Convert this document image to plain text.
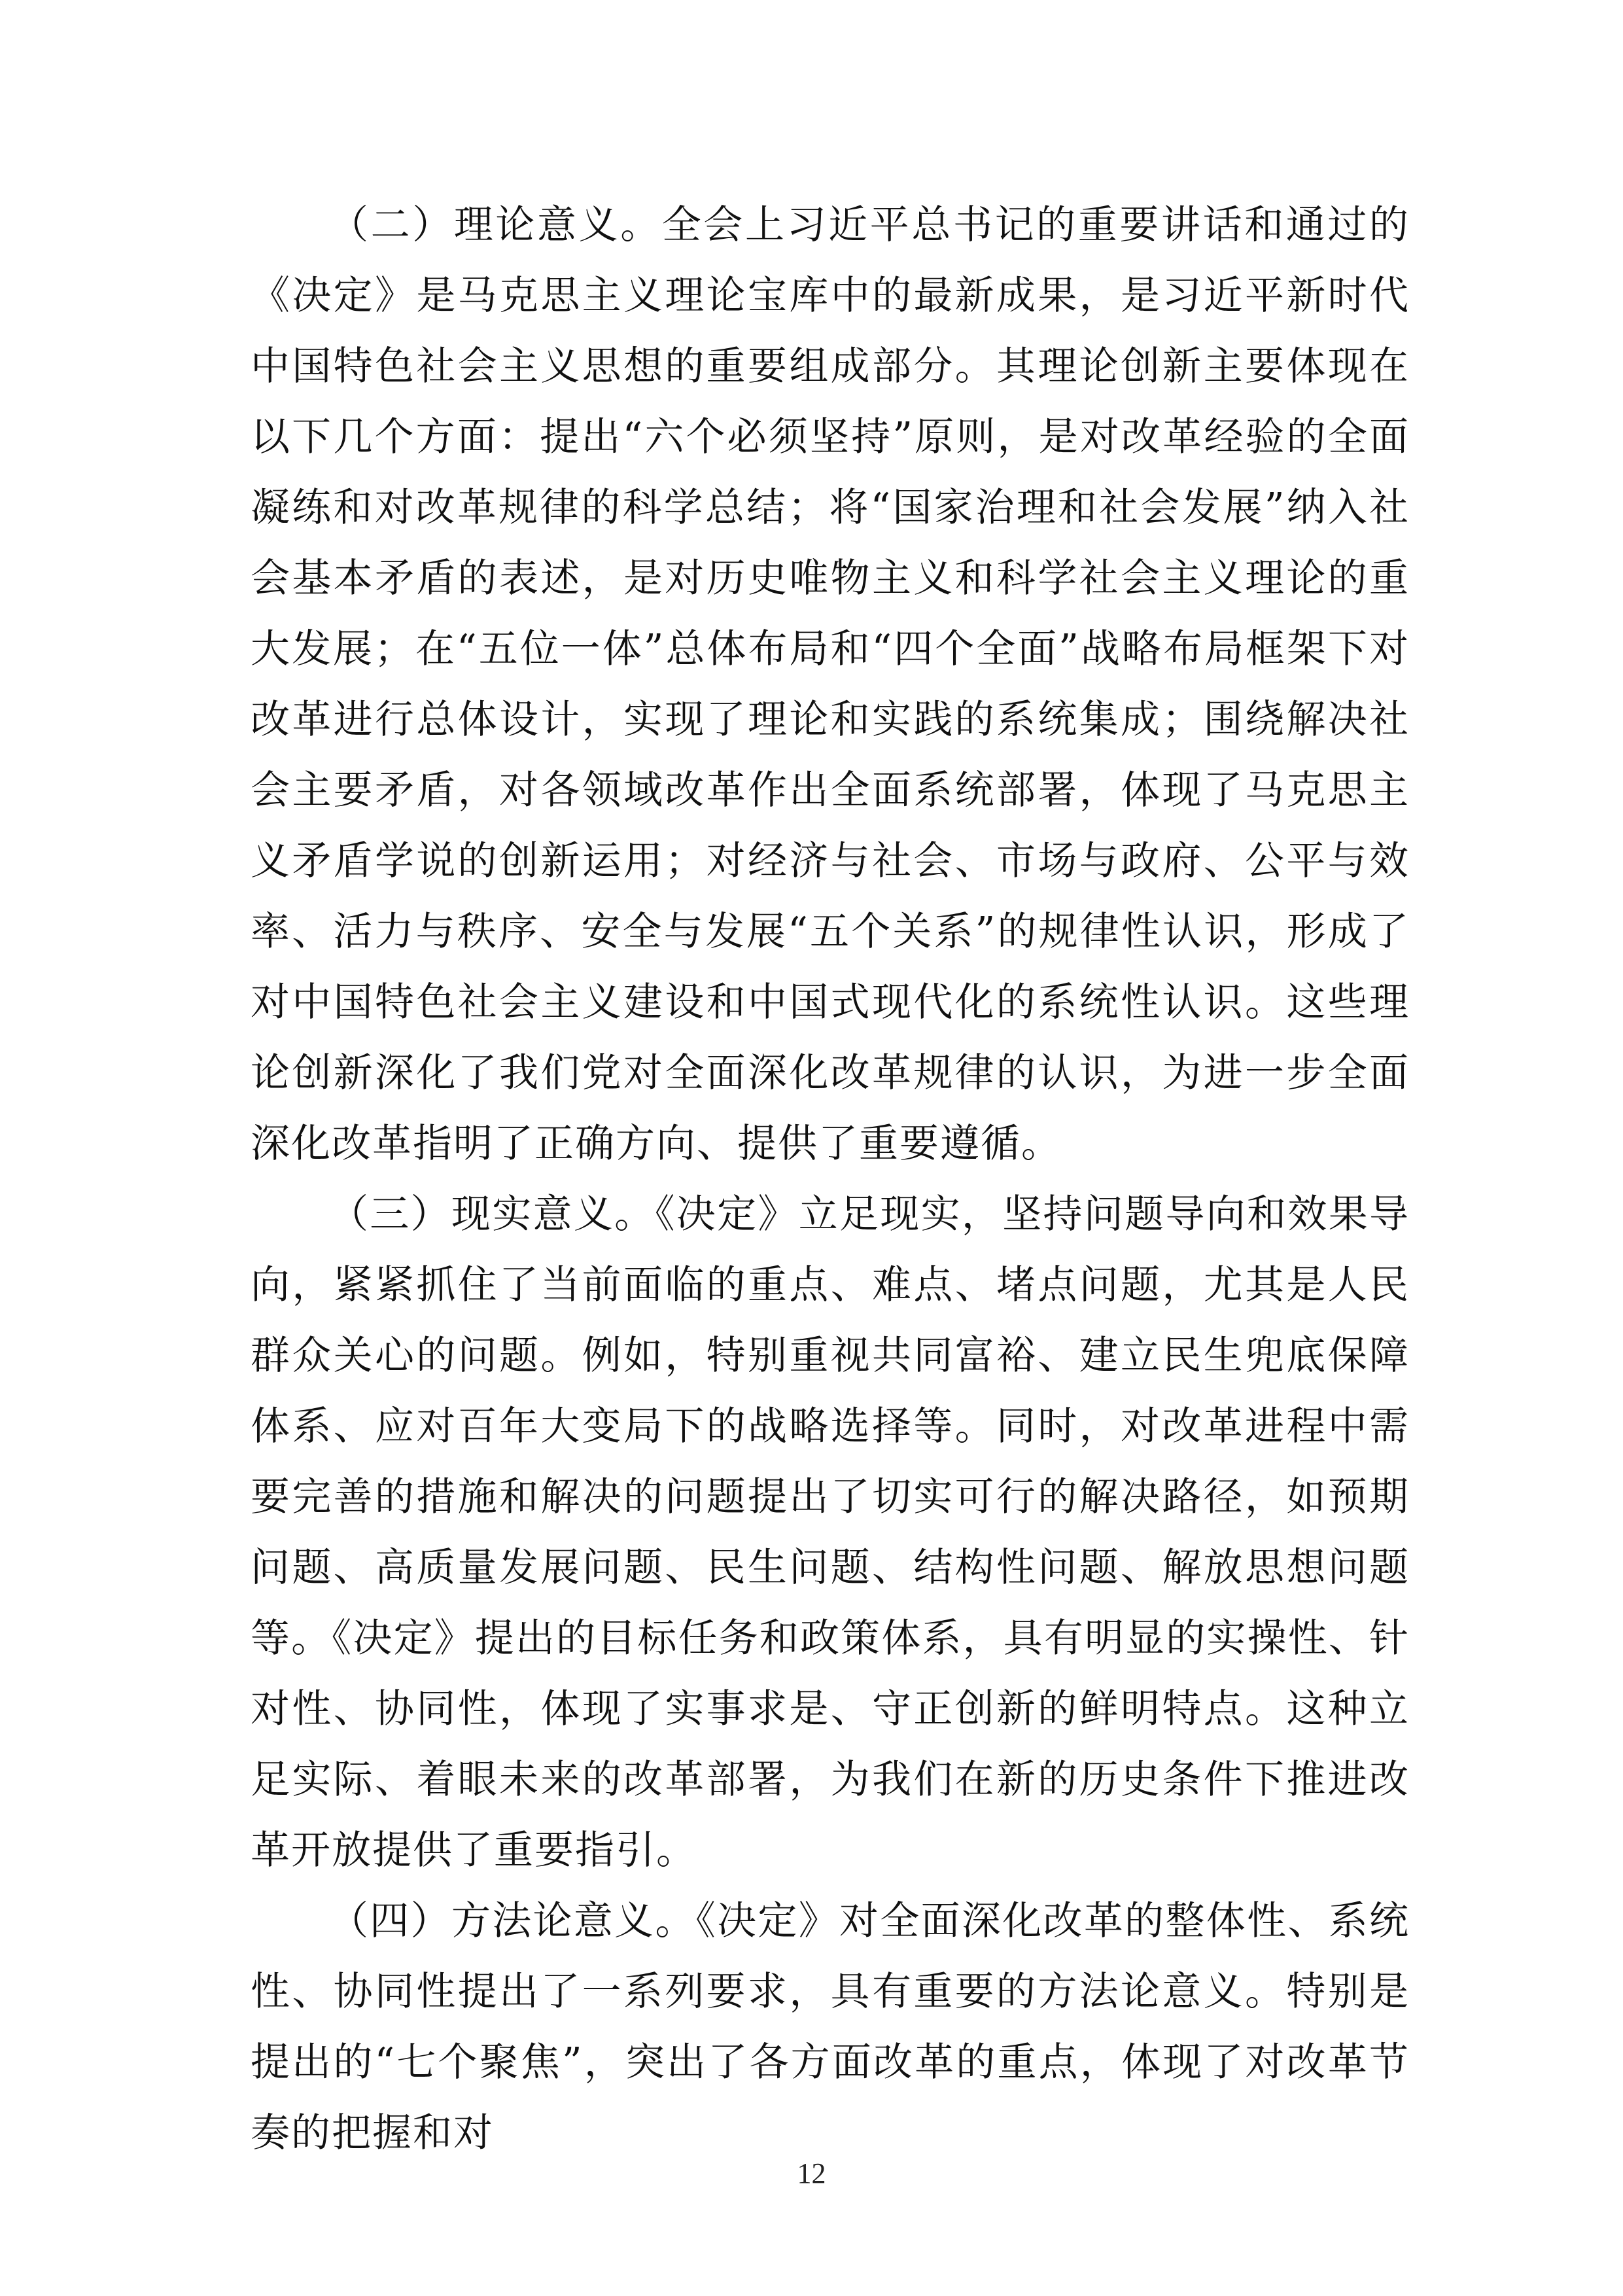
（二）理论意义。全会上习近平总书记的重要讲话和通过的《决定》是马克思主义理论宝库中的最新成果，是习近平新时代中国特色社会主义思想的重要组成部分。其理论创新主要体现在以下几个方面：提出“六个必须坚持”原则，是对改革经验的全面凝练和对改革规律的科学总结；将“国家治理和社会发展”纳入社会基本矛盾的表述，是对历史唯物主义和科学社会主义理论的重大发展；在“五位一体”总体布局和“四个全面”战略布局框架下对改革进行总体设计，实现了理论和实践的系统集成；围绕解决社会主要矛盾，对各领域改革作出全面系统部署，体现了马克思主义矛盾学说的创新运用；对经济与社会、市场与政府、公平与效率、活力与秩序、安全与发展“五个关系”的规律性认识，形成了对中国特色社会主义建设和中国式现代化的系统性认识。这些理论创新深化了我们党对全面深化改革规律的认识，为进一步全面深化改革指明了正确方向、提供了重要遵循。

（三）现实意义。《决定》立足现实，坚持问题导向和效果导向，紧紧抓住了当前面临的重点、难点、堵点问题，尤其是人民群众关心的问题。例如，特别重视共同富裕、建立民生兜底保障体系、应对百年大变局下的战略选择等。同时，对改革进程中需要完善的措施和解决的问题提出了切实可行的解决路径，如预期问题、高质量发展问题、民生问题、结构性问题、解放思想问题等。《决定》提出的目标任务和政策体系，具有明显的实操性、针对性、协同性，体现了实事求是、守正创新的鲜明特点。这种立足实际、着眼未来的改革部署，为我们在新的历史条件下推进改革开放提供了重要指引。

（四）方法论意义。《决定》对全面深化改革的整体性、系统性、协同性提出了一系列要求，具有重要的方法论意义。特别是提出的“七个聚焦”，突出了各方面改革的重点，体现了对改革节奏的把握和对

12
